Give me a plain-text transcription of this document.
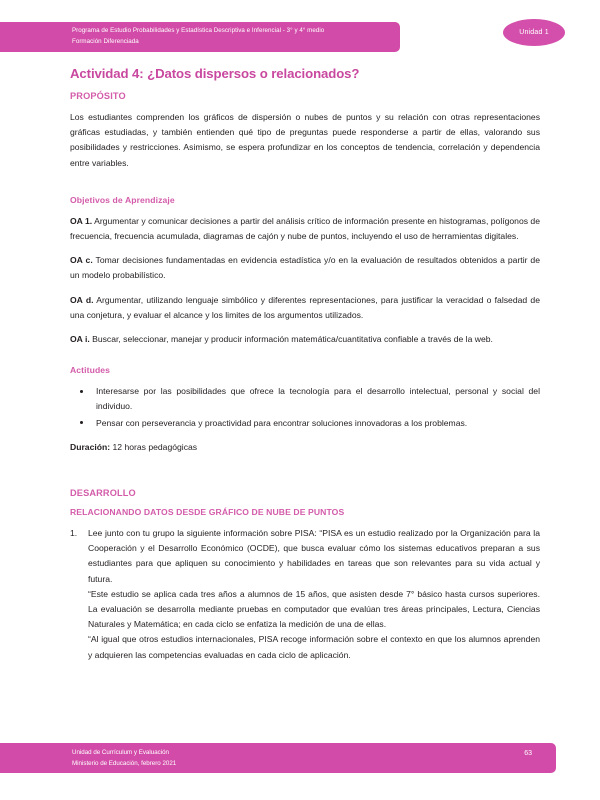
Programa de Estudio Probabilidades y Estadística Descriptiva e Inferencial - 3° y 4° medio
Formación Diferenciada
Unidad 1
Actividad 4: ¿Datos dispersos o relacionados?
PROPÓSITO

Los estudiantes comprenden los gráficos de dispersión o nubes de puntos y su relación con otras representaciones gráficas estudiadas, y también entienden qué tipo de preguntas puede responderse a partir de ellas, valorando sus posibilidades y restricciones. Asimismo, se espera profundizar en los conceptos de tendencia, correlación y dependencia entre variables.

Objetivos de Aprendizaje

OA 1. Argumentar y comunicar decisiones a partir del análisis crítico de información presente en histogramas, polígonos de frecuencia, frecuencia acumulada, diagramas de cajón y nube de puntos, incluyendo el uso de herramientas digitales.

OA c. Tomar decisiones fundamentadas en evidencia estadística y/o en la evaluación de resultados obtenidos a partir de un modelo probabilístico.

OA d. Argumentar, utilizando lenguaje simbólico y diferentes representaciones, para justificar la veracidad o falsedad de una conjetura, y evaluar el alcance y los limites de los argumentos utilizados.

OA i. Buscar, seleccionar, manejar y producir información matemática/cuantitativa confiable a través de la web.

Actitudes
Interesarse por las posibilidades que ofrece la tecnología para el desarrollo intelectual, personal y social del individuo.
Pensar con perseverancia y proactividad para encontrar soluciones innovadoras a los problemas.

Duración: 12 horas pedagógicas

DESARROLLO
RELACIONANDO DATOS DESDE GRÁFICO DE NUBE DE PUNTOS
1. Lee junto con tu grupo la siguiente información sobre PISA: “PISA es un estudio realizado por la Organización para la Cooperación y el Desarrollo Económico (OCDE), que busca evaluar cómo los sistemas educativos preparan a sus estudiantes para que apliquen su conocimiento y habilidades en tareas que son relevantes para su vida actual y futura.

“Este estudio se aplica cada tres años a alumnos de 15 años, que asisten desde 7° básico hasta cursos superiores. La evaluación se desarrolla mediante pruebas en computador que evalúan tres áreas principales, Lectura, Ciencias Naturales y Matemática; en cada ciclo se enfatiza la medición de una de ellas.

“Al igual que otros estudios internacionales, PISA recoge información sobre el contexto en que los alumnos aprenden y adquieren las competencias evaluadas en cada ciclo de aplicación.

Unidad de Currículum y Evaluación
Ministerio de Educación, febrero 2021
63
